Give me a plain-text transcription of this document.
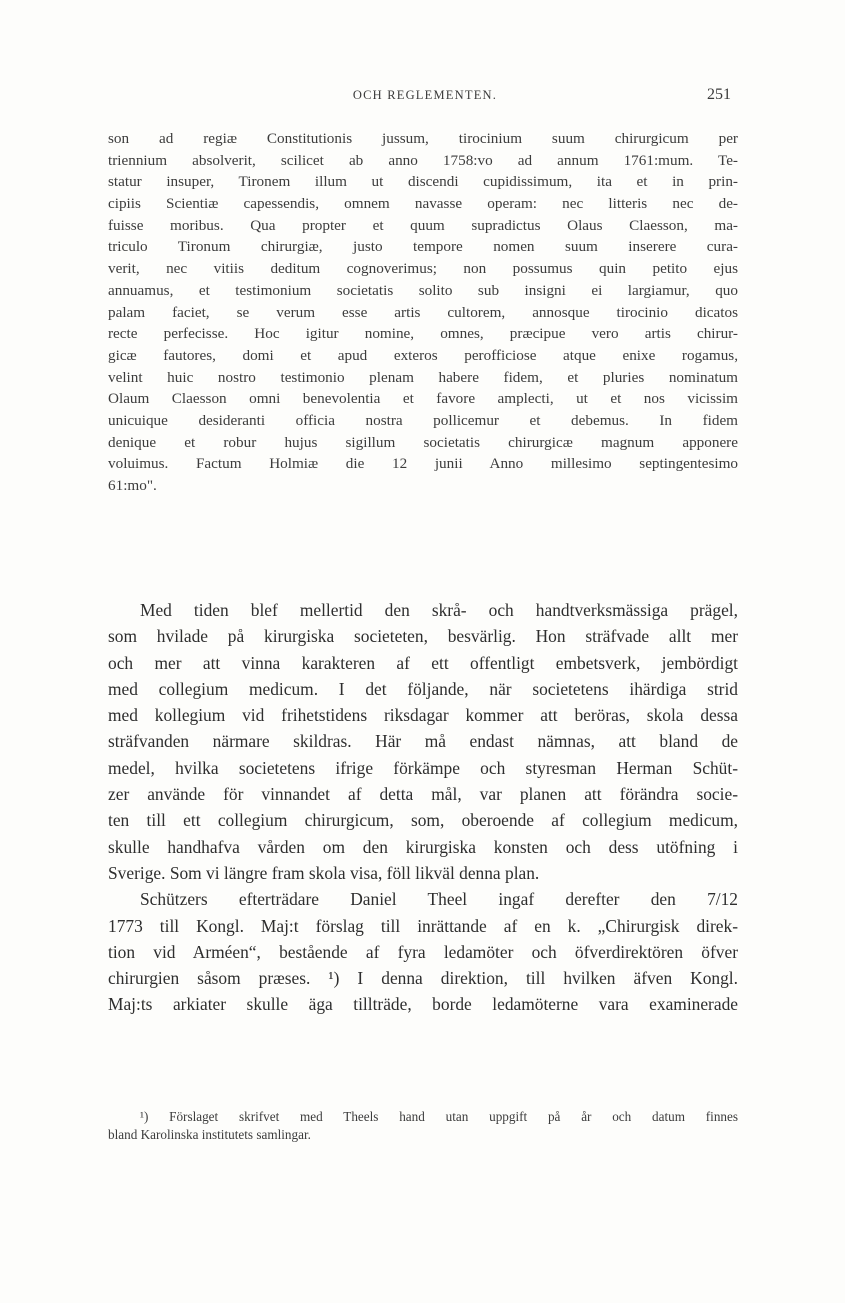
OCH REGLEMENTEN.	251
son ad regiæ Constitutionis jussum, tirocinium suum chirurgicum per
triennium absolverit, scilicet ab anno 1758:vo ad annum 1761:mum. Te-
statur insuper, Tironem illum ut discendi cupidissimum, ita et in prin-
cipiis Scientiæ capessendis, omnem navasse operam: nec litteris nec de-
fuisse moribus. Qua propter et quum supradictus Olaus Claesson, ma-
triculo Tironum chirurgiæ, justo tempore nomen suum inserere cura-
verit, nec vitiis deditum cognoverimus; non possumus quin petito ejus
annuamus, et testimonium societatis solito sub insigni ei largiamur, quo
palam faciet, se verum esse artis cultorem, annosque tirocinio dicatos
recte perfecisse. Hoc igitur nomine, omnes, præcipue vero artis chirur-
gicæ fautores, domi et apud exteros perofficiose atque enixe rogamus,
velint huic nostro testimonio plenam habere fidem, et pluries nominatum
Olaum Claesson omni benevolentia et favore amplecti, ut et nos vicissim
unicuique desideranti officia nostra pollicemur et debemus. In fidem
denique et robur hujus sigillum societatis chirurgicæ magnum apponere
voluimus. Factum Holmiæ die 12 junii Anno millesimo septingentesimo
61:mo".
Med tiden blef mellertid den skrå- och handtverksmässiga prägel,
som hvilade på kirurgiska societeten, besvärlig. Hon sträfvade allt mer
och mer att vinna karakteren af ett offentligt embetsverk, jembördigt
med collegium medicum. I det följande, när societetens ihärdiga strid
med kollegium vid frihetstidens riksdagar kommer att beröras, skola dessa
sträfvanden närmare skildras. Här må endast nämnas, att bland de
medel, hvilka societetens ifrige förkämpe och styresman Herman Schüt-
zer använde för vinnandet af detta mål, var planen att förändra socie-
ten till ett collegium chirurgicum, som, oberoende af collegium medicum,
skulle handhafva vården om den kirurgiska konsten och dess utöfning i
Sverige. Som vi längre fram skola visa, föll likväl denna plan.
Schützers efterträdare Daniel Theel ingaf derefter den 7/12
1773 till Kongl. Maj:t förslag till inrättande af en k. „Chirurgisk direk-
tion vid Arméen“, bestående af fyra ledamöter och öfverdirektören öfver
chirurgien såsom præses. ¹) I denna direktion, till hvilken äfven Kongl.
Maj:ts arkiater skulle äga tillträde, borde ledamöterne vara examinerade
¹) Förslaget skrifvet med Theels hand utan uppgift på år och datum finnes
bland Karolinska institutets samlingar.
